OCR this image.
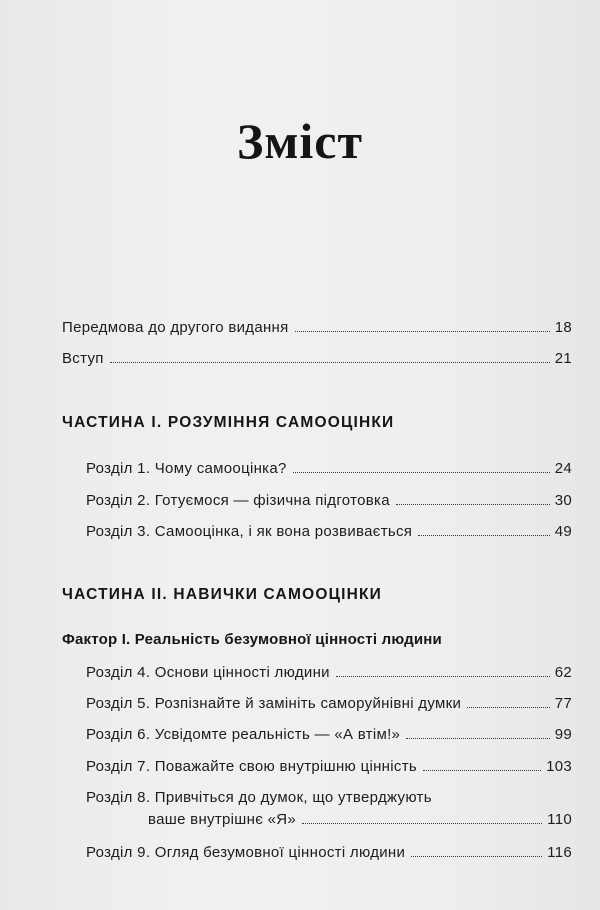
Зміст
Передмова до другого видання	18
Вступ	21
ЧАСТИНА І. РОЗУМІННЯ САМООЦІНКИ
Розділ 1. Чому самооцінка?	24
Розділ 2. Готуємося — фізична підготовка	30
Розділ 3. Самооцінка, і як вона розвивається	49
ЧАСТИНА ІІ. НАВИЧКИ САМООЦІНКИ
Фактор І. Реальність безумовної цінності людини
Розділ 4. Основи цінності людини	62
Розділ 5. Розпізнайте й замініть саморуйнівні думки	77
Розділ 6. Усвідомте реальність — «А втім!»	99
Розділ 7. Поважайте свою внутрішню цінність	103
Розділ 8. Привчіться до думок, що утверджують
ваше внутрішнє «Я»	110
Розділ 9. Огляд безумовної цінності людини	116
